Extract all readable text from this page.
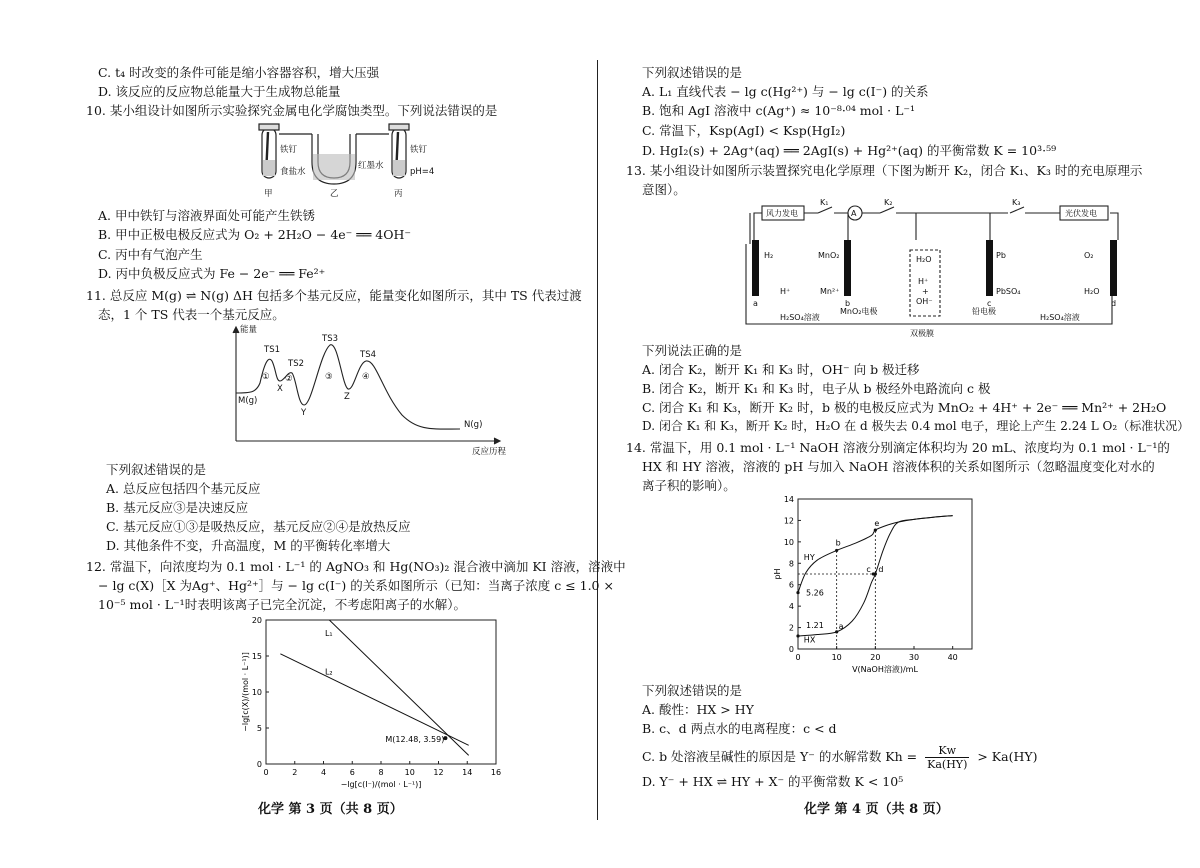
C. t₄ 时改变的条件可能是缩小容器容积，增大压强
D. 该反应的反应物总能量大于生成物总能量
10. 某小组设计如图所示实验探究金属电化学腐蚀类型。下列说法错误的是
铁钉
食盐水
红墨水
铁钉
pH=4
甲	乙	丙
A. 甲中铁钉与溶液界面处可能产生铁锈
B. 甲中正极电极反应式为 O₂ + 2H₂O − 4e⁻ ══ 4OH⁻
C. 丙中有气泡产生
D. 丙中负极反应式为 Fe − 2e⁻ ══ Fe²⁺
11. 总反应 M(g) ⇌ N(g) ΔH 包括多个基元反应，能量变化如图所示，其中 TS 代表过渡
态，1 个 TS 代表一个基元反应。
能量
反应历程
TS1
TS2
TS3
TS4
M(g)
N(g)
X
Y
Z
① ②	③	④
下列叙述错误的是
A. 总反应包括四个基元反应
B. 基元反应③是决速反应
C. 基元反应①③是吸热反应，基元反应②④是放热反应
D. 其他条件不变，升高温度，M 的平衡转化率增大
12. 常温下，向浓度均为 0.1 mol · L⁻¹ 的 AgNO₃ 和 Hg(NO₃)₂ 混合液中滴加 KI 溶液，溶液中
− lg c(X)［X 为Ag⁺、Hg²⁺］与 − lg c(I⁻) 的关系如图所示（已知：当离子浓度 c ≤ 1.0 ×
10⁻⁵ mol · L⁻¹时表明该离子已完全沉淀，不考虑阳离子的水解）。
0	2	4	6	8	10 12 14 16
0
5
10
15
20
−lg[c(I⁻)/(mol · L⁻¹)]
−lg[c(X)/(mol · L⁻¹)]
L₁
L₂
M(12.48, 3.59)
化学 第 3 页（共 8 页）
下列叙述错误的是
A. L₁ 直线代表 − lg c(Hg²⁺) 与 − lg c(I⁻) 的关系
B. 饱和 AgI 溶液中 c(Ag⁺) ≈ 10⁻⁸·⁰⁴ mol · L⁻¹
C. 常温下，Ksp(AgI) < Ksp(HgI₂)
D. HgI₂(s) + 2Ag⁺(aq) ══ 2AgI(s) + Hg²⁺(aq) 的平衡常数 K = 10³·⁵⁹
13. 某小组设计如图所示装置探究电化学原理（下图为断开 K₂，闭合 K₁、K₃ 时的充电原理示
意图）。
风力发电	光伏发电
K₁
A
K₂	K₃
H₂
H⁺
MnO₂
Mn²⁺
H₂O
H⁺
+
OH⁻
Pb
PbSO₄
O₂
H₂O
a	b	c	d
MnO₂电极	铅电极
H₂SO₄溶液	H₂SO₄溶液
双极膜
下列说法正确的是
A. 闭合 K₂，断开 K₁ 和 K₃ 时，OH⁻ 向 b 极迁移
B. 闭合 K₂，断开 K₁ 和 K₃ 时，电子从 b 极经外电路流向 c 极
C. 闭合 K₁ 和 K₃，断开 K₂ 时，b 极的电极反应式为 MnO₂ + 4H⁺ + 2e⁻ ══ Mn²⁺ + 2H₂O
D. 闭合 K₁ 和 K₃，断开 K₂ 时，H₂O 在 d 极失去 0.4 mol 电子，理论上产生 2.24 L O₂（标准状况）
14. 常温下，用 0.1 mol · L⁻¹ NaOH 溶液分别滴定体积均为 20 mL、浓度均为 0.1 mol · L⁻¹的
HX 和 HY 溶液，溶液的 pH 与加入 NaOH 溶液体积的关系如图所示（忽略温度变化对水的
离子积的影响）。
0	10	20	30	40
0
2
4
6
8
10
12
14
V(NaOH溶液)/mL
pH
HY
HX
5.26
1.21 a
b
c d
e
下列叙述错误的是
A. 酸性：HX > HY
B. c、d 两点水的电离程度：c < d
C. b 处溶液呈碱性的原因是 Y⁻ 的水解常数 $Kh = \frac{Kw}{Ka(HY)} > Ka(HY)$
D. Y⁻ + HX ⇌ HY + X⁻ 的平衡常数 K < 10⁵
化学 第 4 页（共 8 页）
